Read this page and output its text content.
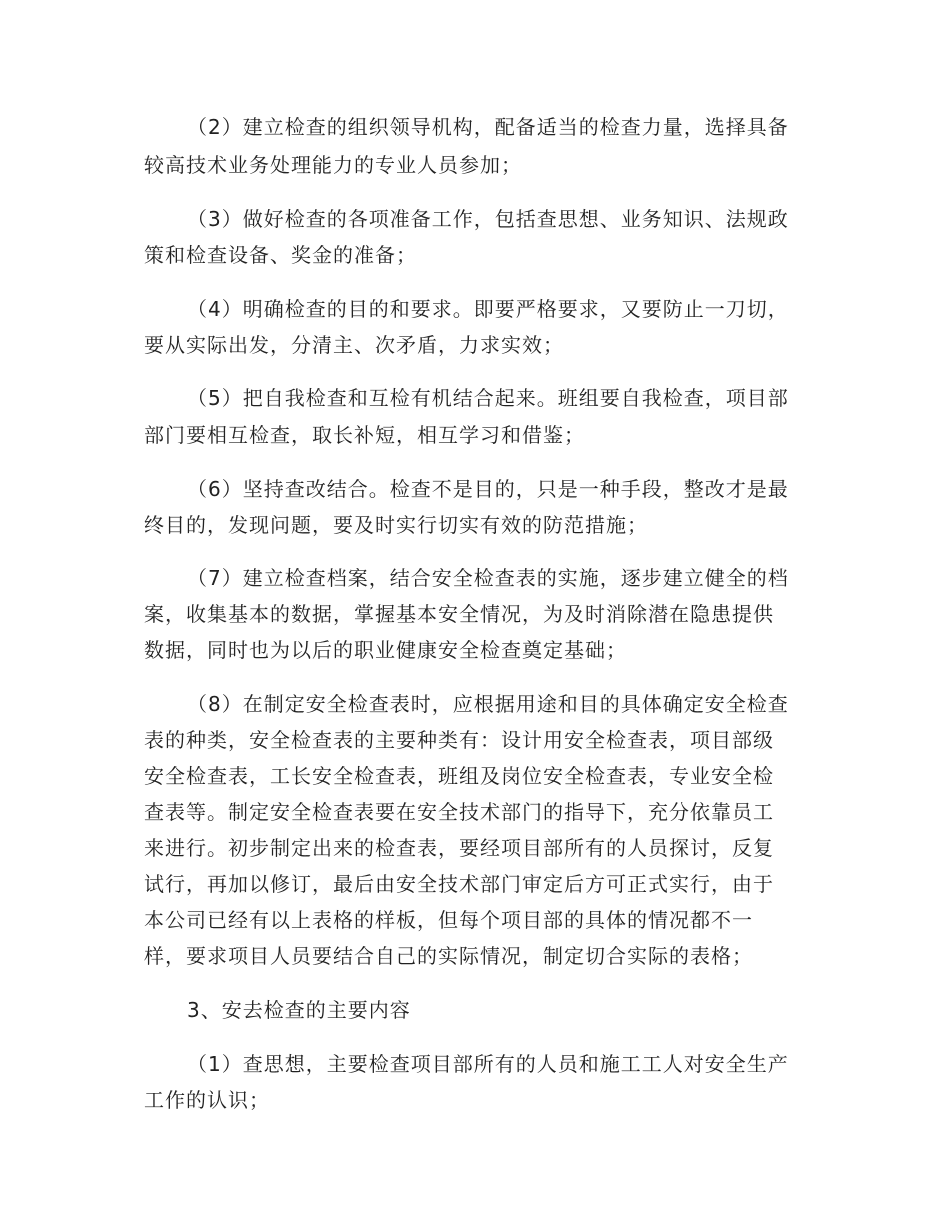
（2）建立检查的组织领导机构，配备适当的检查力量，选择具备
较高技术业务处理能力的专业人员参加；
（3）做好检查的各项准备工作，包括查思想、业务知识、法规政
策和检查设备、奖金的准备；
（4）明确检查的目的和要求。即要严格要求，又要防止一刀切，
要从实际出发，分清主、次矛盾，力求实效；
（5）把自我检查和互检有机结合起来。班组要自我检查，项目部
部门要相互检查，取长补短，相互学习和借鉴；
（6）坚持查改结合。检查不是目的，只是一种手段，整改才是最
终目的，发现问题，要及时实行切实有效的防范措施；
（7）建立检查档案，结合安全检查表的实施，逐步建立健全的档
案，收集基本的数据，掌握基本安全情况，为及时消除潜在隐患提供
数据，同时也为以后的职业健康安全检查奠定基础；
（8）在制定安全检查表时，应根据用途和目的具体确定安全检查
表的种类，安全检查表的主要种类有：设计用安全检查表，项目部级
安全检查表，工长安全检查表，班组及岗位安全检查表，专业安全检
查表等。制定安全检查表要在安全技术部门的指导下，充分依靠员工
来进行。初步制定出来的检查表，要经项目部所有的人员探讨，反复
试行，再加以修订，最后由安全技术部门审定后方可正式实行，由于
本公司已经有以上表格的样板，但每个项目部的具体的情况都不一
样，要求项目人员要结合自己的实际情况，制定切合实际的表格；
3、安去检查的主要内容
（1）查思想，主要检查项目部所有的人员和施工工人对安全生产
工作的认识；
